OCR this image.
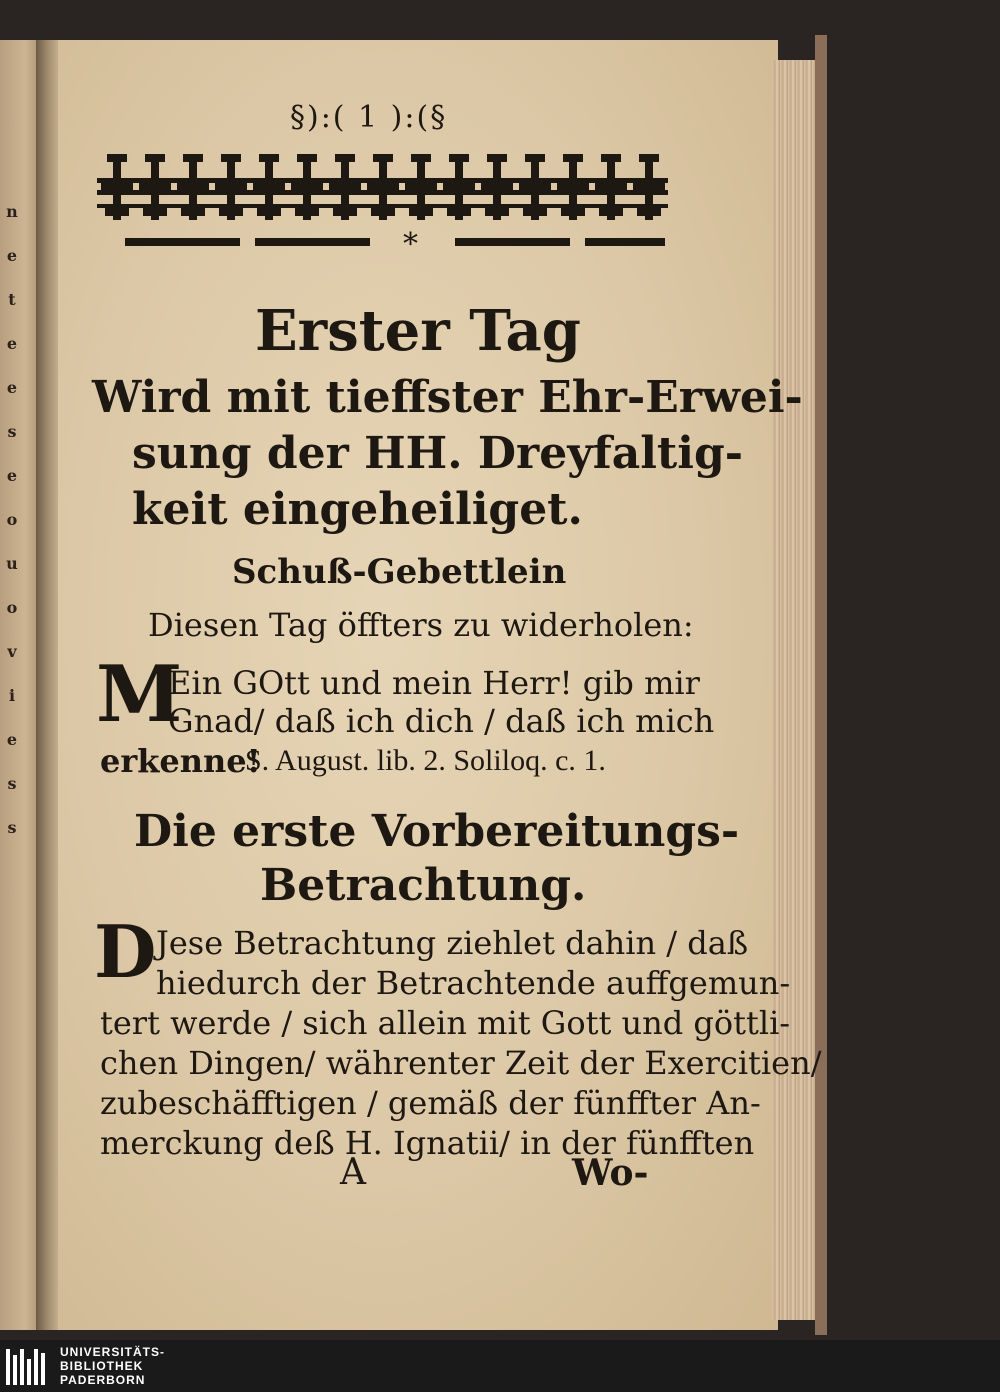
n
e
t
e
e
s
e
o
u
o
v
i
e
s
s
§):( 1 ):(§
*
Erster Tag
Wird mit tieffster Ehr-Erwei-
sung der HH. Dreyfaltig-
keit eingeheiliget.
Schuß-Gebettlein
Diesen Tag öffters zu widerholen:
M
Ein GOtt und mein Herr! gib mir
Gnad/ daß ich dich / daß ich mich
erkenne!
S. August. lib. 2. Soliloq. c. 1.
Die erste Vorbereitungs-
Betrachtung.
D Jese Betrachtung ziehlet dahin / daß
hiedurch der Betrachtende auffgemun-
tert werde / sich allein mit Gott und göttli-
chen Dingen/ währenter Zeit der Exercitien/
zubeschäfftigen / gemäß der fünffter An-
merckung deß H. Ignatii/ in der fünfften
A	Wo-
UNIVERSITÄTS-
BIBLIOTHEK
PADERBORN
